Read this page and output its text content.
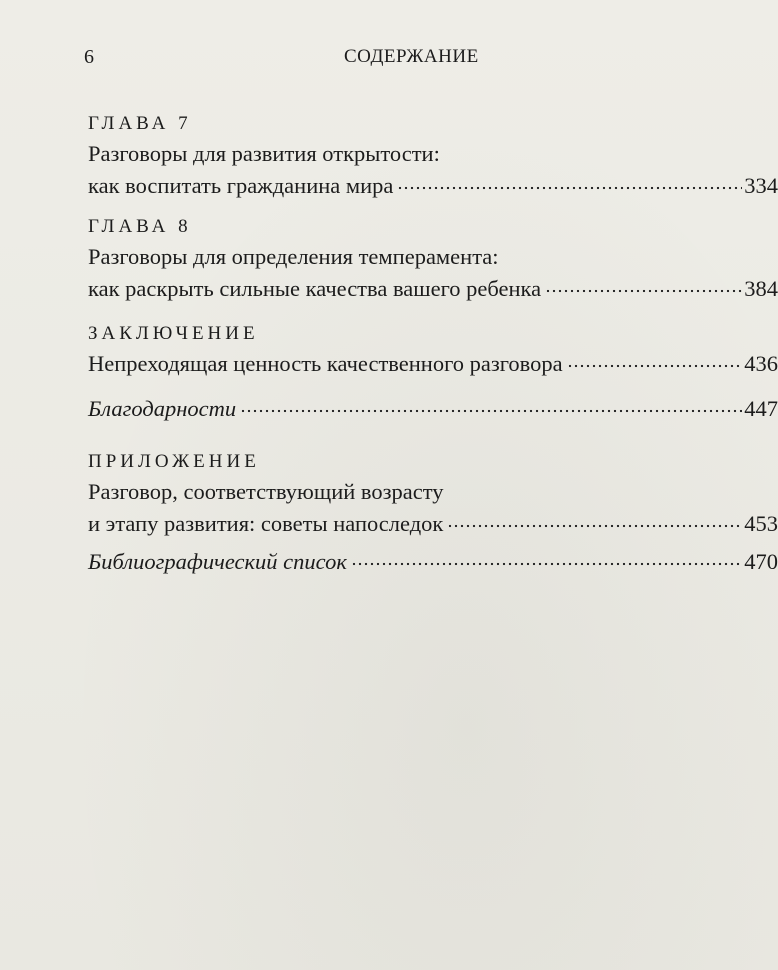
6	СОДЕРЖАНИЕ
ГЛАВА 7
Разговоры для развития открытости:
как воспитать гражданина мира	334
ГЛАВА 8
Разговоры для определения темперамента:
как раскрыть сильные качества вашего ребенка	384
ЗАКЛЮЧЕНИЕ
Непреходящая ценность качественного разговора	436
Благодарности	447
ПРИЛОЖЕНИЕ
Разговор, соответствующий возрасту
и этапу развития: советы напоследок	453
Библиографический список	470
